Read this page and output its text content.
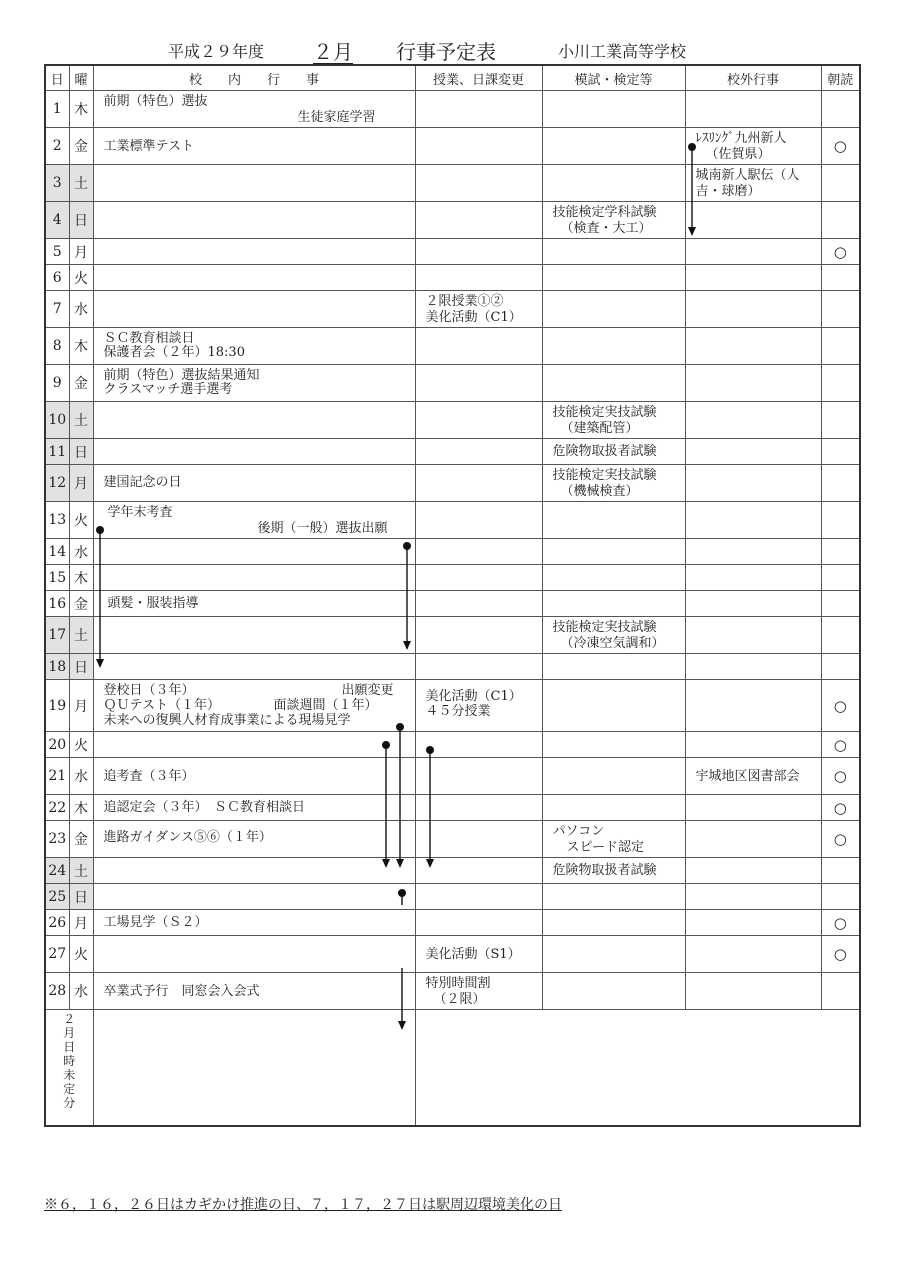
平成２９年度	２月	行事予定表	小川工業高等学校
日	曜	校　　内　　行　　事	授業、日課変更	模試・検定等	校外行事	朝読
1	木	前期（特色）選抜
生徒家庭学習				

2	金	工業標準テスト			ﾚｽﾘﾝｸﾞ九州新人
（佐賀県）	○

3	土				城南新人駅伝（人
吉・球磨）	

4	日			技能検定学科試験
（検査・大工）		

5	月					○

6	火	

7	水		２限授業①②
美化活動（C1）			

8	木	ＳＣ教育相談日
保護者会（２年）18:30				

9	金	前期（特色）選抜結果通知
クラスマッチ選手選考				

10	土			技能検定実技試験
（建築配管）		

11	日			危険物取扱者試験		

12	月	建国記念の日		技能検定実技試験
（機械検査）		

13	火	学年末考査
後期（一般）選抜出願				

14	水	

15	木	

16	金	頭髪・服装指導				

17	土			技能検定実技試験
（冷凍空気調和）		

18	日	

19	月	登校日（３年）
ＱＵテスト（１年）
未来への復興人材育成事業による現場見学
出願変更
面談週間（１年）	美化活動（C1）
４５分授業			○

20	火					○

21	水	追考査（３年）			宇城地区図書部会	○

22	木	追認定会（３年）　ＳＣ教育相談日				○

23	金	進路ガイダンス⑤⑥（１年）		パソコン
スピード認定		○

24	土			危険物取扱者試験		

25	日	

26	月	工場見学（Ｓ２）				○

27	火		美化活動（S1）			○

28	水	卒業式予行　同窓会入会式	特別時間割
（２限）			

２月日時未定分						

※６，１６，２６日はカギかけ推進の日、７，１７，２７日は駅周辺環境美化の日
